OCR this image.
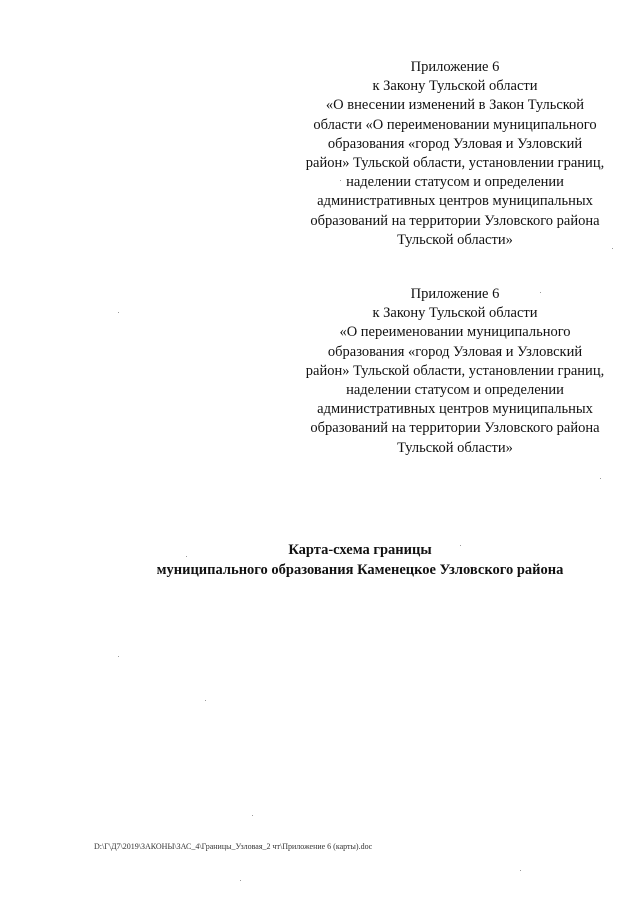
Приложение 6
к Закону Тульской области
«О внесении изменений в Закон Тульской
области «О переименовании муниципального
образования «город Узловая и Узловский
район» Тульской области, установлении границ,
наделении статусом и определении
административных центров муниципальных
образований на территории Узловского района
Тульской области»
Приложение 6
к Закону Тульской области
«О переименовании муниципального
образования «город Узловая и Узловский
район» Тульской области, установлении границ,
наделении статусом и определении
административных центров муниципальных
образований на территории Узловского района
Тульской области»
Карта-схема границы
муниципального образования Каменецкое Узловского района
D:\Г\Д7\2019\ЗАКОНЫ\ЗАС_4\Границы_Узловая_2 чт\Приложение 6 (карты).doc
